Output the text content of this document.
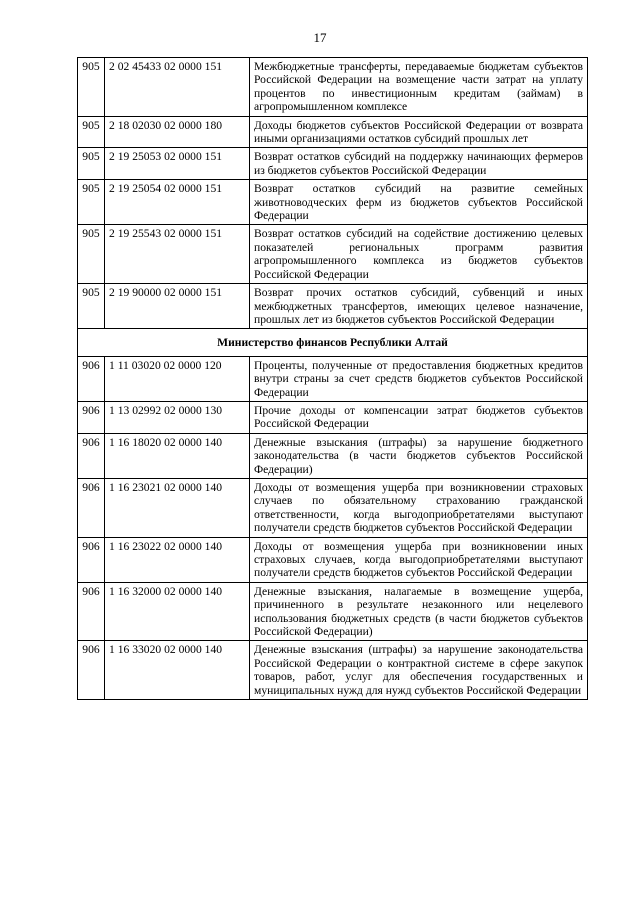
17
905	2 02 45433 02 0000 151	Межбюджетные трансферты, передаваемые бюджетам субъектов Российской Федерации на возмещение части затрат на уплату процентов по инвестиционным кредитам (займам) в агропромышленном комплексе
905	2 18 02030 02 0000 180	Доходы бюджетов субъектов Российской Федерации от возврата иными организациями остатков субсидий прошлых лет
905	2 19 25053 02 0000 151	Возврат остатков субсидий на поддержку начинающих фермеров из бюджетов субъектов Российской Федерации
905	2 19 25054 02 0000 151	Возврат остатков субсидий на развитие семейных животноводческих ферм из бюджетов субъектов Российской Федерации
905	2 19 25543 02 0000 151	Возврат остатков субсидий на содействие достижению целевых показателей региональных программ развития агропромышленного комплекса из бюджетов субъектов Российской Федерации
905	2 19 90000 02 0000 151	Возврат прочих остатков субсидий, субвенций и иных межбюджетных трансфертов, имеющих целевое назначение, прошлых лет из бюджетов субъектов Российской Федерации
Министерство финансов Республики Алтай		
906	1 11 03020 02 0000 120	Проценты, полученные от предоставления бюджетных кредитов внутри страны за счет средств бюджетов субъектов Российской Федерации
906	1 13 02992 02 0000 130	Прочие доходы от компенсации затрат бюджетов субъектов Российской Федерации
906	1 16 18020 02 0000 140	Денежные взыскания (штрафы) за нарушение бюджетного законодательства (в части бюджетов субъектов Российской Федерации)
906	1 16 23021 02 0000 140	Доходы от возмещения ущерба при возникновении страховых случаев по обязательному страхованию гражданской ответственности, когда выгодоприобретателями выступают получатели средств бюджетов субъектов Российской Федерации
906	1 16 23022 02 0000 140	Доходы от возмещения ущерба при возникновении иных страховых случаев, когда выгодоприобретателями выступают получатели средств бюджетов субъектов Российской Федерации
906	1 16 32000 02 0000 140	Денежные взыскания, налагаемые в возмещение ущерба, причиненного в результате незаконного или нецелевого использования бюджетных средств (в части бюджетов субъектов Российской Федерации)
906	1 16 33020 02 0000 140	Денежные взыскания (штрафы) за нарушение законодательства Российской Федерации о контрактной системе в сфере закупок товаров, работ, услуг для обеспечения государственных и муниципальных нужд для нужд субъектов Российской Федерации
